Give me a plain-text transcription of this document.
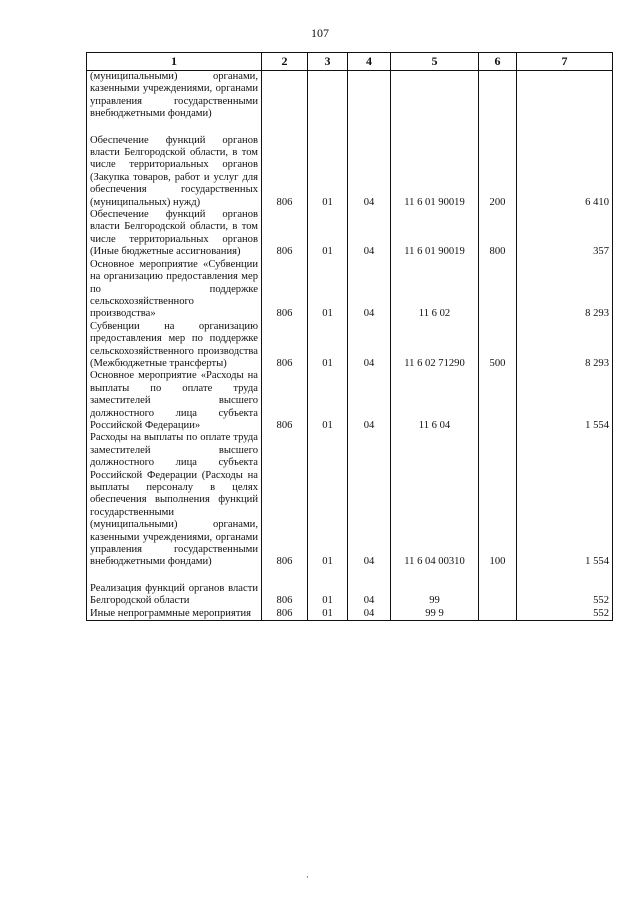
107
1	2	3	4	5	6	7
(муниципальными) органами, казенными учреждениями, органами управления государственными внебюджетными фондами)						

Обеспечение функций органов власти Белгородской области, в том числе территориальных органов (Закупка товаров, работ и услуг для обеспечения государственных (муниципальных) нужд)	806	01	04	11 6 01 90019	200	6 410
Обеспечение функций органов власти Белгородской области, в том числе территориальных органов (Иные бюджетные ассигнования)	806	01	04	11 6 01 90019	800	357
Основное мероприятие «Субвенции на организацию предоставления мер по поддержке сельскохозяйственного производства»	806	01	04	11 6 02		8 293
Субвенции на организацию предоставления мер по поддержке сельскохозяйственного производства (Межбюджетные трансферты)	806	01	04	11 6 02 71290	500	8 293
Основное мероприятие «Расходы на выплаты по оплате труда заместителей высшего должностного лица субъекта Российской Федерации»	806	01	04	11 6 04		1 554
Расходы на выплаты по оплате труда заместителей высшего должностного лица субъекта Российской Федерации (Расходы на выплаты персоналу в целях обеспечения выполнения функций государственными (муниципальными) органами, казенными учреждениями, органами управления государственными внебюджетными фондами)	806	01	04	11 6 04 00310	100	1 554

Реализация функций органов власти Белгородской области	806	01	04	99		552
Иные непрограммные мероприятия	806	01	04	99 9		552
·
